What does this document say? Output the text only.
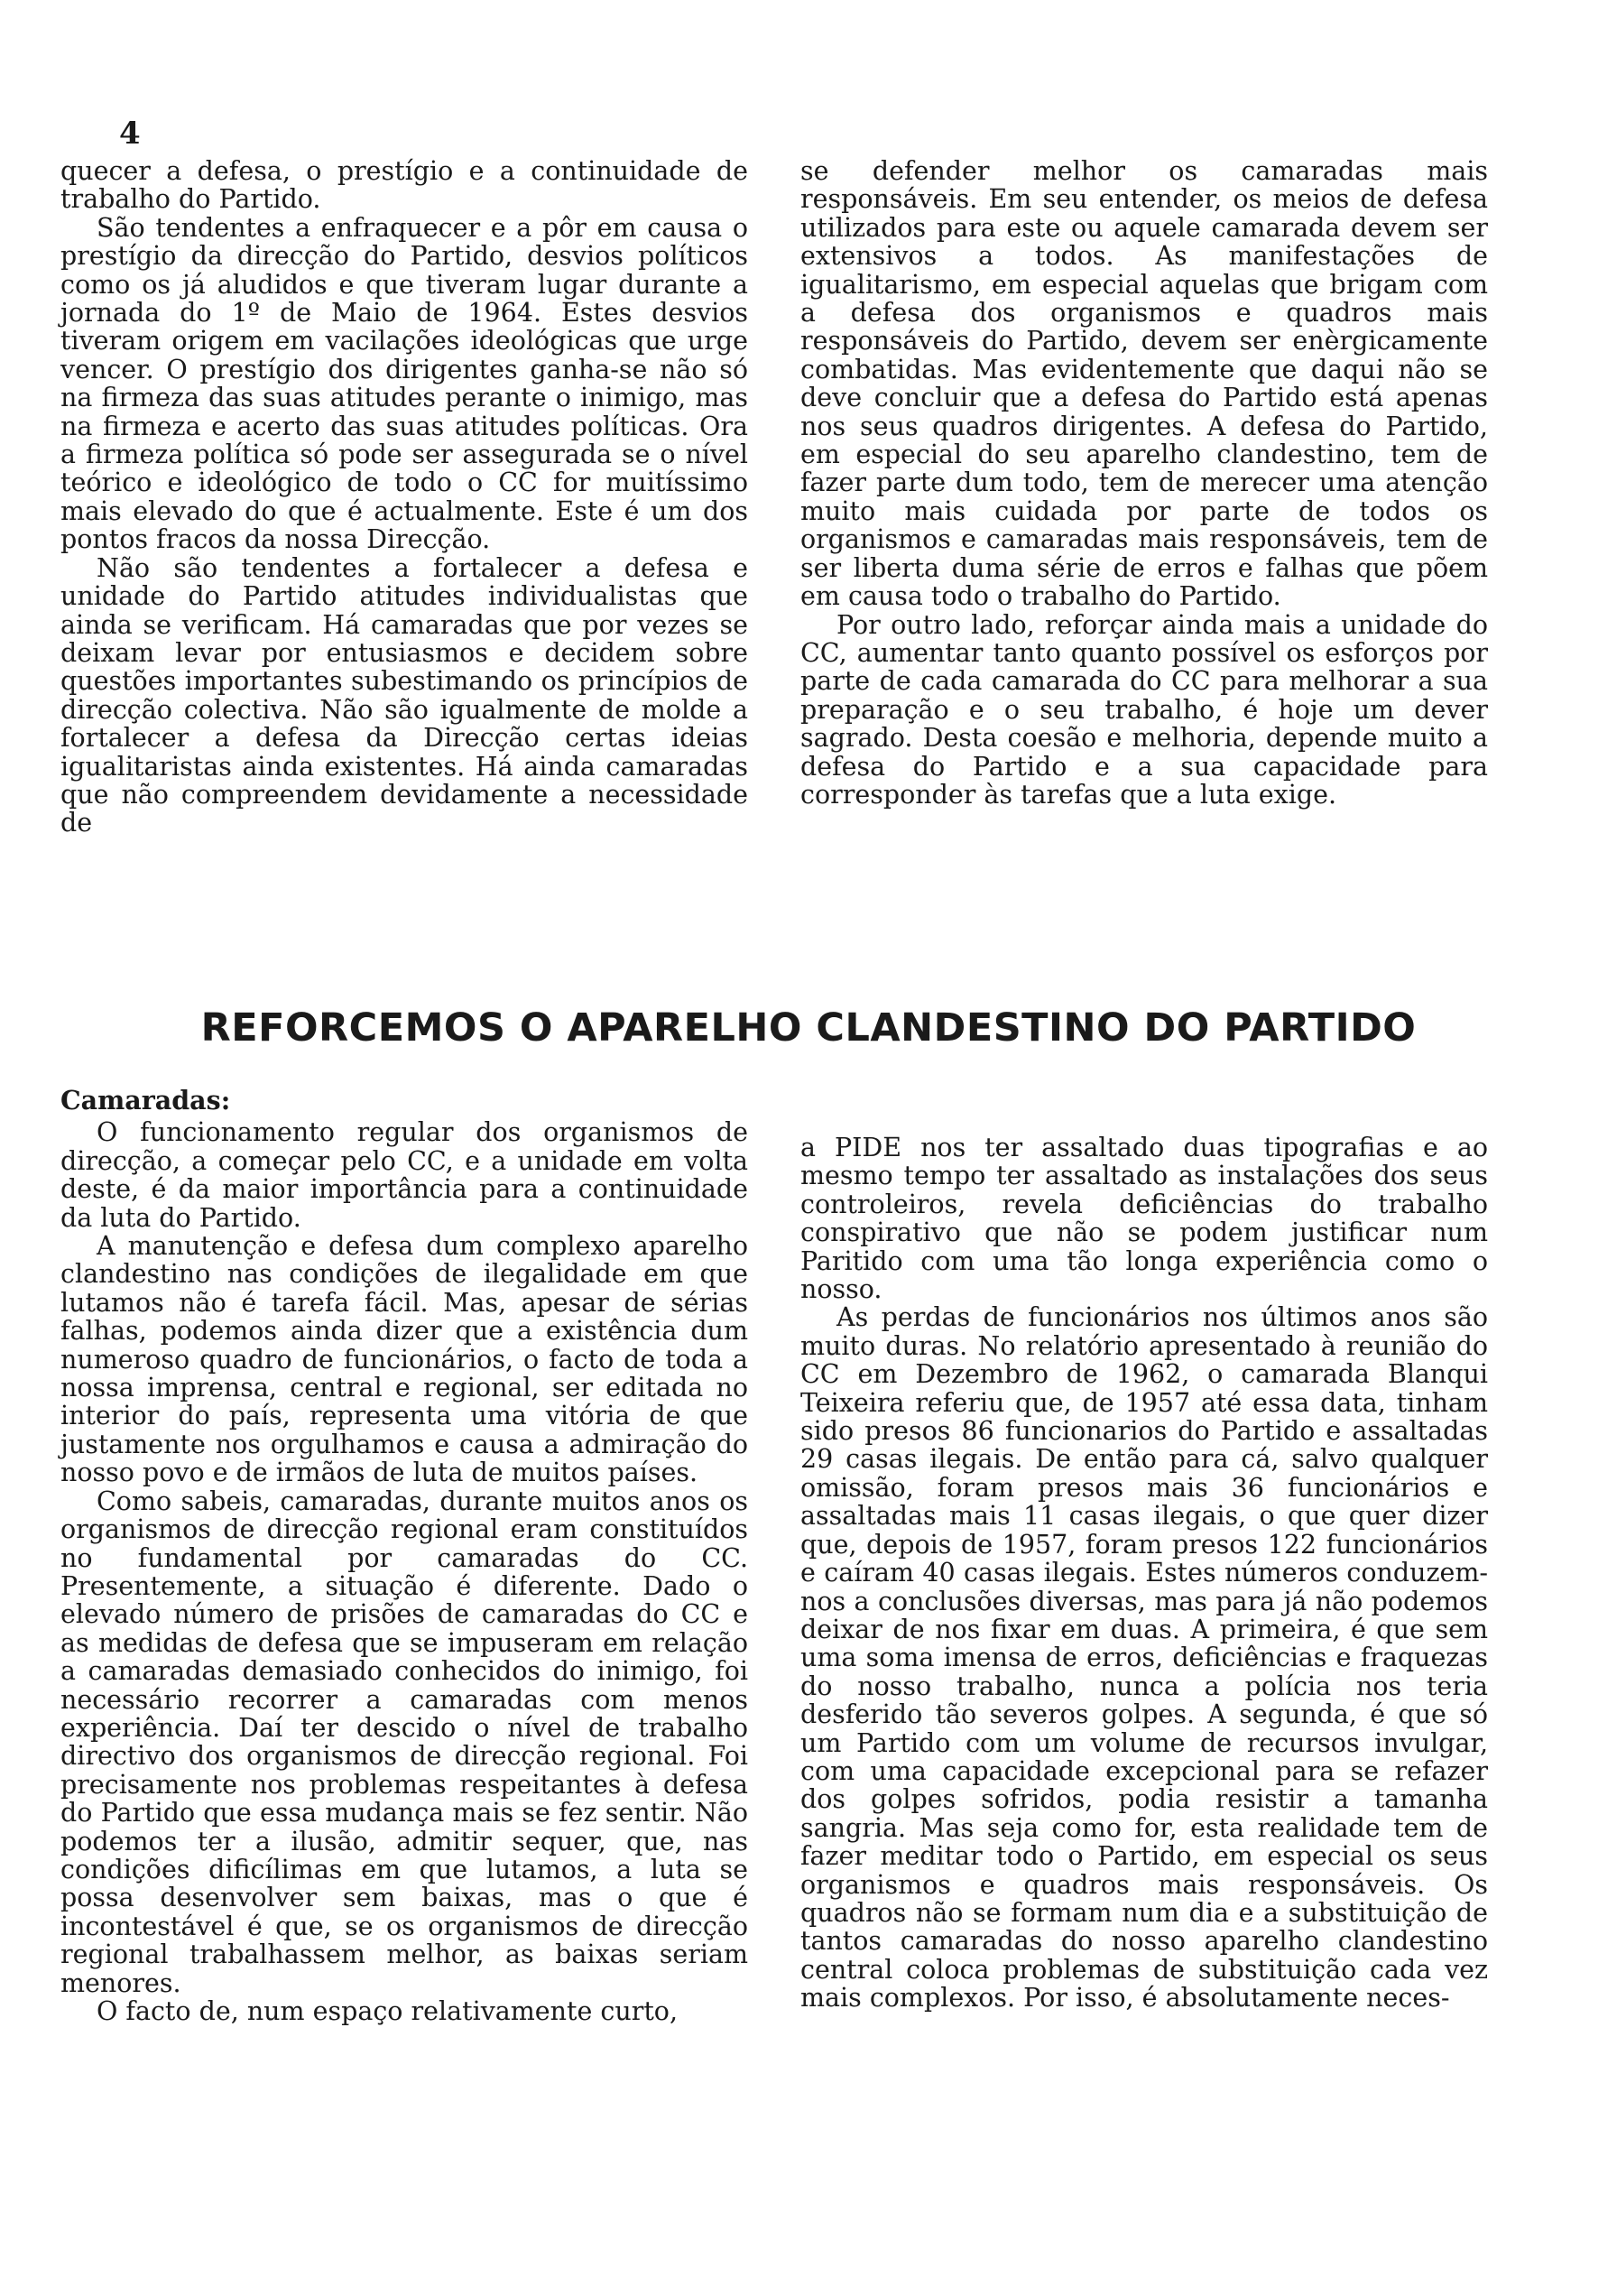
4

quecer a defesa, o prestígio e a continuidade de trabalho do Partido.

São tendentes a enfraquecer e a pôr em causa o prestígio da direcção do Partido, desvios políticos como os já aludidos e que tiveram lugar durante a jornada do 1º de Maio de 1964. Estes desvios tiveram origem em vacilações ideológicas que urge vencer. O prestígio dos dirigentes ganha-se não só na firmeza das suas atitudes perante o inimigo, mas na firmeza e acerto das suas atitudes políticas. Ora a firmeza política só pode ser assegurada se o nível teórico e ideológico de todo o CC for muitíssimo mais elevado do que é actualmente. Este é um dos pontos fracos da nossa Direcção.

Não são tendentes a fortalecer a defesa e unidade do Partido atitudes individualistas que ainda se verificam. Há camaradas que por vezes se deixam levar por entusiasmos e decidem sobre questões importantes subestimando os princípios de direcção colectiva. Não são igualmente de molde a fortalecer a defesa da Direcção certas ideias igualitaristas ainda existentes. Há ainda camaradas que não compreendem devidamente a necessidade de

se defender melhor os camaradas mais responsáveis. Em seu entender, os meios de defesa utilizados para este ou aquele camarada devem ser extensivos a todos. As manifestações de igualitarismo, em especial aquelas que brigam com a defesa dos organismos e quadros mais responsáveis do Partido, devem ser enèrgicamente combatidas. Mas evidentemente que daqui não se deve concluir que a defesa do Partido está apenas nos seus quadros dirigentes. A defesa do Partido, em especial do seu aparelho clandestino, tem de fazer parte dum todo, tem de merecer uma atenção muito mais cuidada por parte de todos os organismos e camaradas mais responsáveis, tem de ser liberta duma série de erros e falhas que põem em causa todo o trabalho do Partido.

Por outro lado, reforçar ainda mais a unidade do CC, aumentar tanto quanto possível os esforços por parte de cada camarada do CC para melhorar a sua preparação e o seu trabalho, é hoje um dever sagrado. Desta coesão e melhoria, depende muito a defesa do Partido e a sua capacidade para corresponder às tarefas que a luta exige.

REFORCEMOS O APARELHO CLANDESTINO DO PARTIDO

Camaradas:

O funcionamento regular dos organismos de direcção, a começar pelo CC, e a unidade em volta deste, é da maior importância para a continuidade da luta do Partido.

A manutenção e defesa dum complexo aparelho clandestino nas condições de ilegalidade em que lutamos não é tarefa fácil. Mas, apesar de sérias falhas, podemos ainda dizer que a existência dum numeroso quadro de funcionários, o facto de toda a nossa imprensa, central e regional, ser editada no interior do país, representa uma vitória de que justamente nos orgulhamos e causa a admiração do nosso povo e de irmãos de luta de muitos países.

Como sabeis, camaradas, durante muitos anos os organismos de direcção regional eram constituídos no fundamental por camaradas do CC. Presentemente, a situação é diferente. Dado o elevado número de prisões de camaradas do CC e as medidas de defesa que se impuseram em relação a camaradas demasiado conhecidos do inimigo, foi necessário recorrer a camaradas com menos experiência. Daí ter descido o nível de trabalho directivo dos organismos de direcção regional. Foi precisamente nos problemas respeitantes à defesa do Partido que essa mudança mais se fez sentir. Não podemos ter a ilusão, admitir sequer, que, nas condições dificílimas em que lutamos, a luta se possa desenvolver sem baixas, mas o que é incontestável é que, se os organismos de direcção regional trabalhassem melhor, as baixas seriam menores.

O facto de, num espaço relativamente curto,

a PIDE nos ter assaltado duas tipografias e ao mesmo tempo ter assaltado as instalações dos seus controleiros, revela deficiências do trabalho conspirativo que não se podem justificar num Paritido com uma tão longa experiência como o nosso.

As perdas de funcionários nos últimos anos são muito duras. No relatório apresentado à reunião do CC em Dezembro de 1962, o camarada Blanqui Teixeira referiu que, de 1957 até essa data, tinham sido presos 86 funcionarios do Partido e assaltadas 29 casas ilegais. De então para cá, salvo qualquer omissão, foram presos mais 36 funcionários e assaltadas mais 11 casas ilegais, o que quer dizer que, depois de 1957, foram presos 122 funcionários e caíram 40 casas ilegais. Estes números conduzem-nos a conclusões diversas, mas para já não podemos deixar de nos fixar em duas. A primeira, é que sem uma soma imensa de erros, deficiências e fraquezas do nosso trabalho, nunca a polícia nos teria desferido tão severos golpes. A segunda, é que só um Partido com um volume de recursos invulgar, com uma capacidade excepcional para se refazer dos golpes sofridos, podia resistir a tamanha sangria. Mas seja como for, esta realidade tem de fazer meditar todo o Partido, em especial os seus organismos e quadros mais responsáveis. Os quadros não se formam num dia e a substituição de tantos camaradas do nosso aparelho clandestino central coloca problemas de substituição cada vez mais complexos. Por isso, é absolutamente neces-
